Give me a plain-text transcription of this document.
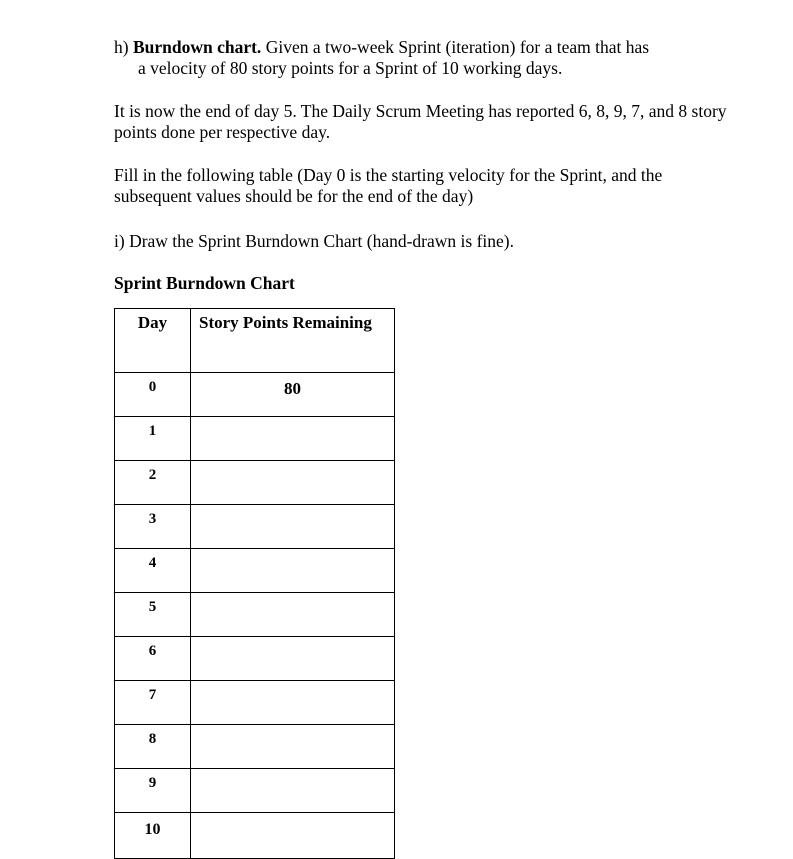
h) Burndown chart. Given a two-week Sprint (iteration) for a team that has
a velocity of 80 story points for a Sprint of 10 working days.

It is now the end of day 5. The Daily Scrum Meeting has reported 6, 8, 9, 7, and 8 story points done per respective day.

Fill in the following table (Day 0 is the starting velocity for the Sprint, and the subsequent values should be for the end of the day)

i) Draw the Sprint Burndown Chart (hand-drawn is fine).

Sprint Burndown Chart

Day	Story Points Remaining
0	80
1	
2	
3	
4	
5	
6	
7	
8	
9	
10	
